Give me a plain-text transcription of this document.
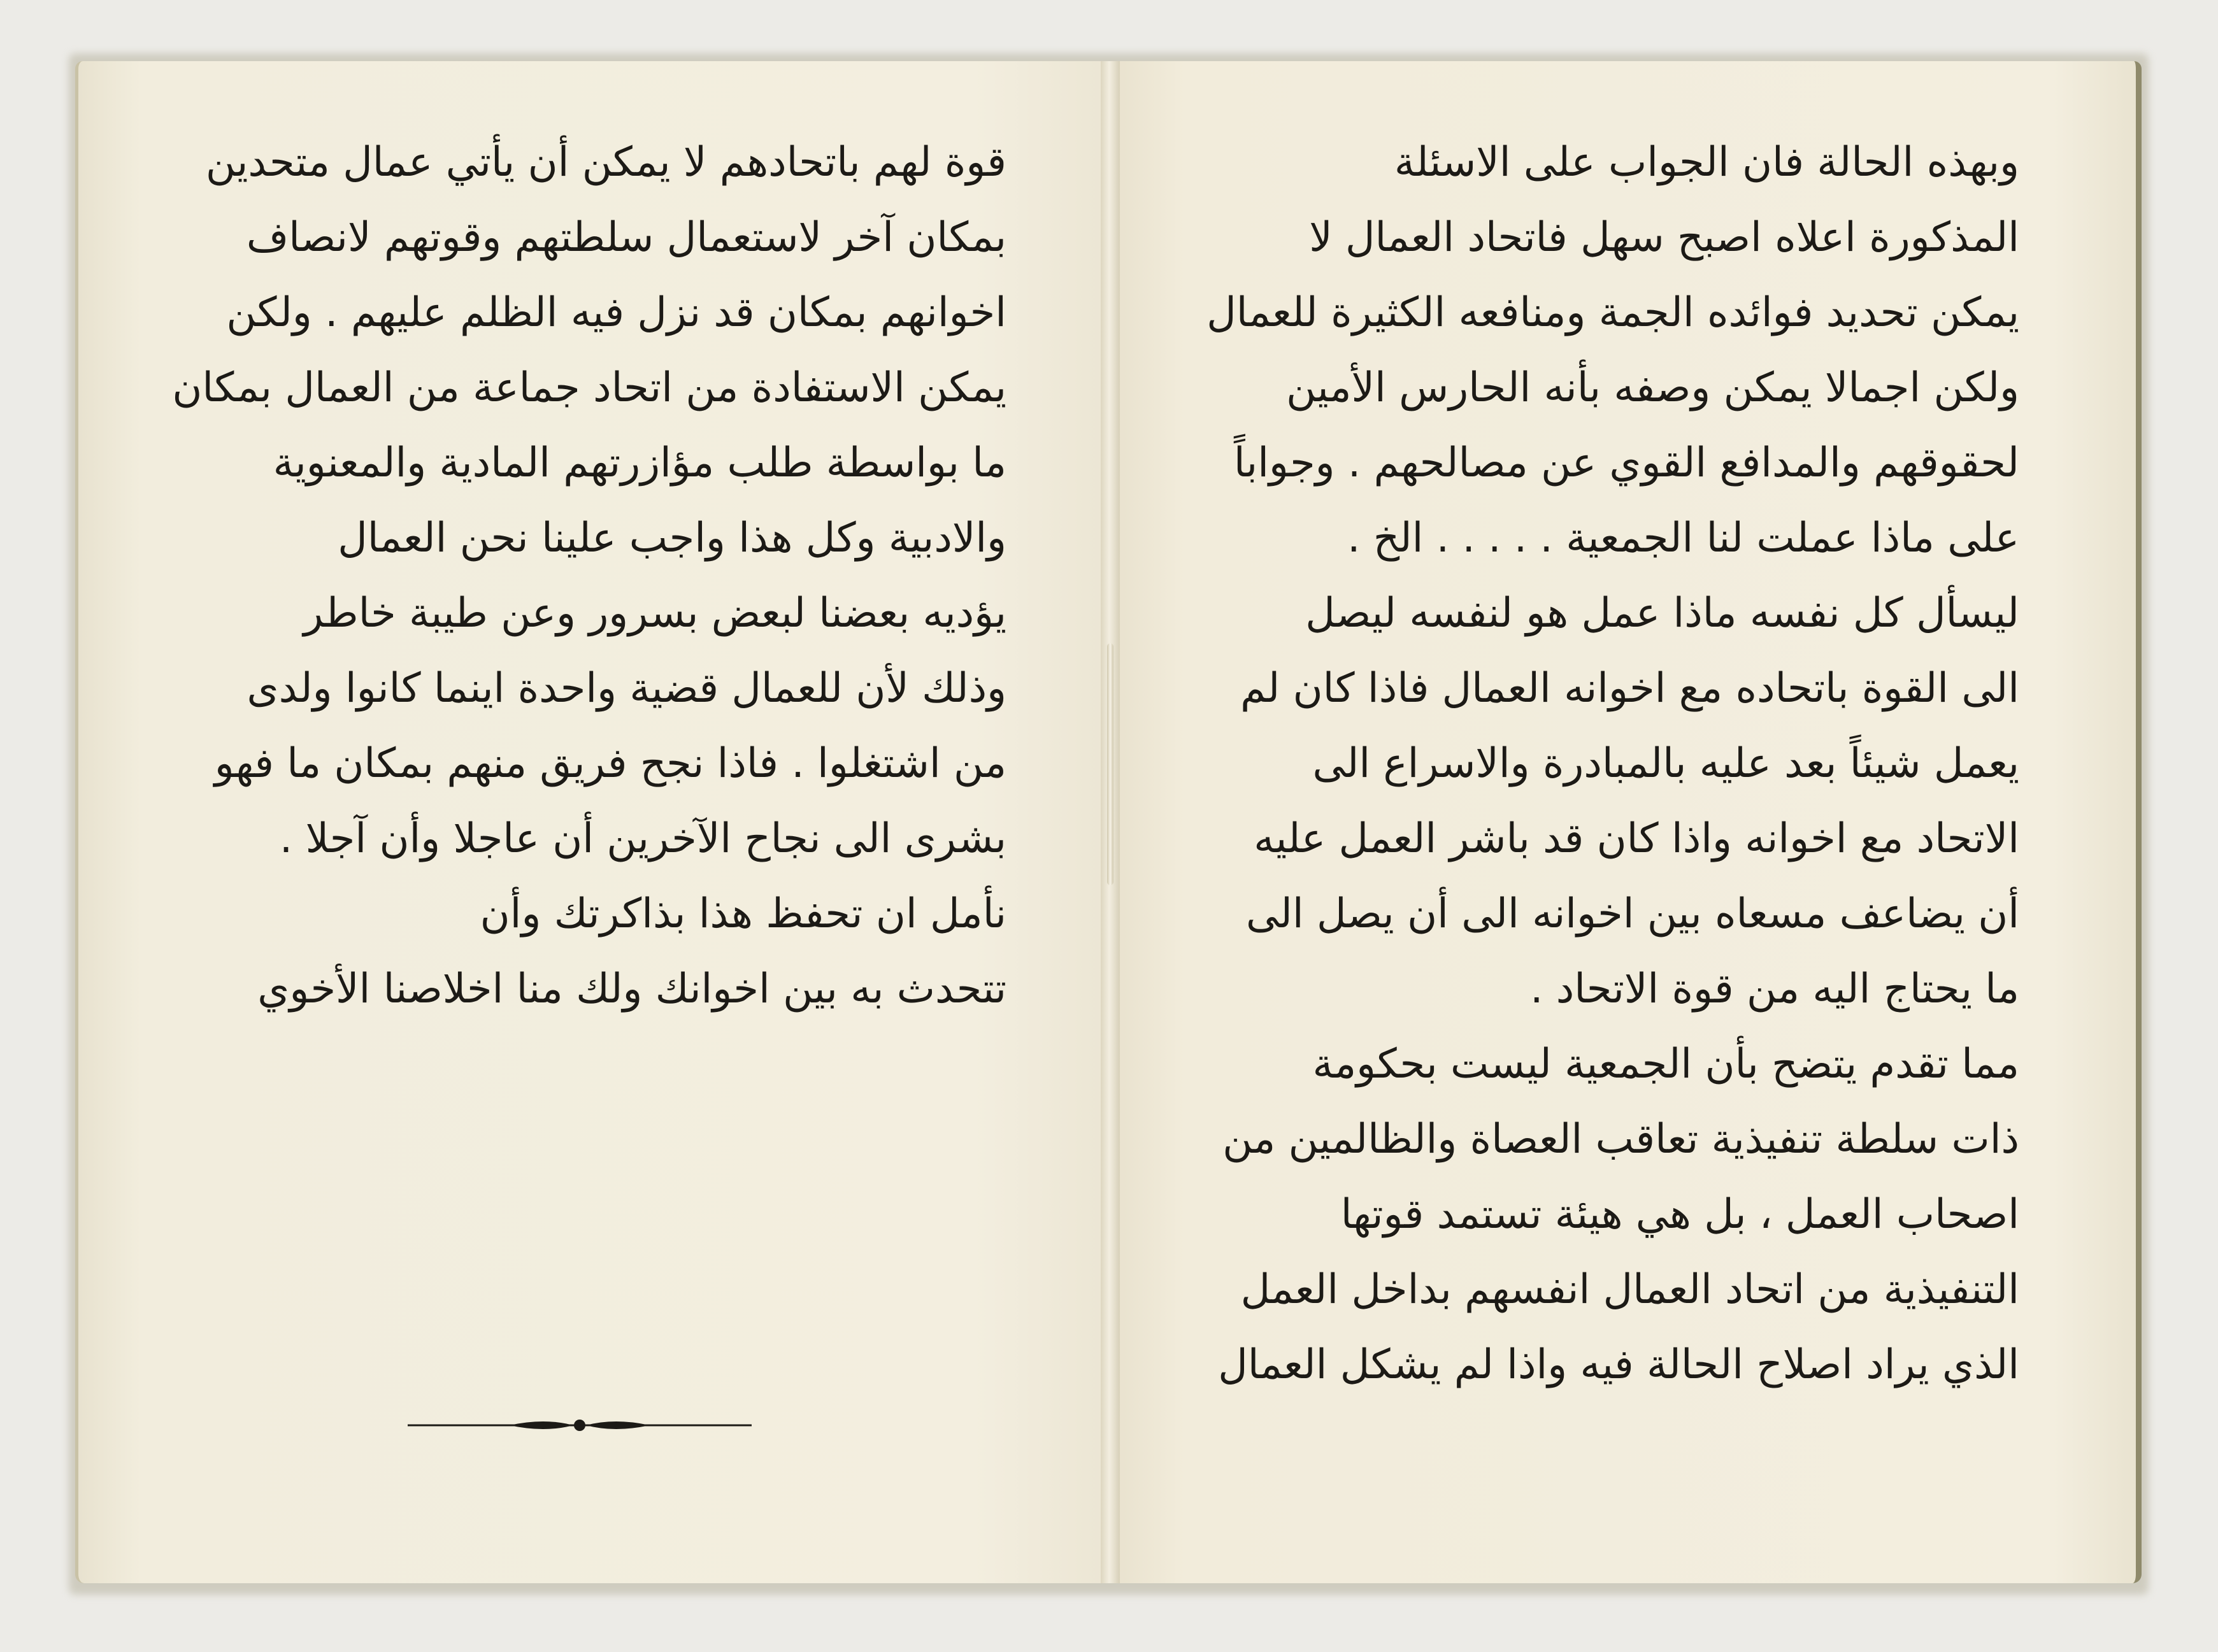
قوة لهم باتحادهم لا يمكن أن يأتي عمال متحدين
بمكان آخر لاستعمال سلطتهم وقوتهم لانصاف
اخوانهم بمكان قد نزل فيه الظلم عليهم . ولكن
يمكن الاستفادة من اتحاد جماعة من العمال بمكان
ما بواسطة طلب مؤازرتهم المادية والمعنوية
والادبية وكل هذا واجب علينا نحن العمال
يؤديه بعضنا لبعض بسرور وعن طيبة خاطر
وذلك لأن للعمال قضية واحدة اينما كانوا ولدى
من اشتغلوا . فاذا نجح فريق منهم بمكان ما فهو
بشرى الى نجاح الآخرين أن عاجلا وأن آجلا .
نأمل ان تحفظ هذا بذاكرتك وأن
تتحدث به بين اخوانك ولك منا اخلاصنا الأخوي
وبهذه الحالة فان الجواب على الاسئلة
المذكورة اعلاه اصبح سهل فاتحاد العمال لا
يمكن تحديد فوائده الجمة ومنافعه الكثيرة للعمال
ولكن اجمالا يمكن وصفه بأنه الحارس الأمين
لحقوقهم والمدافع القوي عن مصالحهم . وجواباً
على ماذا عملت لنا الجمعية . . . . . الخ .
ليسأل كل نفسه ماذا عمل هو لنفسه ليصل
الى القوة باتحاده مع اخوانه العمال فاذا كان لم
يعمل شيئاً بعد عليه بالمبادرة والاسراع الى
الاتحاد مع اخوانه واذا كان قد باشر العمل عليه
أن يضاعف مسعاه بين اخوانه الى أن يصل الى
ما يحتاج اليه من قوة الاتحاد .
مما تقدم يتضح بأن الجمعية ليست بحكومة
ذات سلطة تنفيذية تعاقب العصاة والظالمين من
اصحاب العمل ، بل هي هيئة تستمد قوتها
التنفيذية من اتحاد العمال انفسهم بداخل العمل
الذي يراد اصلاح الحالة فيه واذا لم يشكل العمال
